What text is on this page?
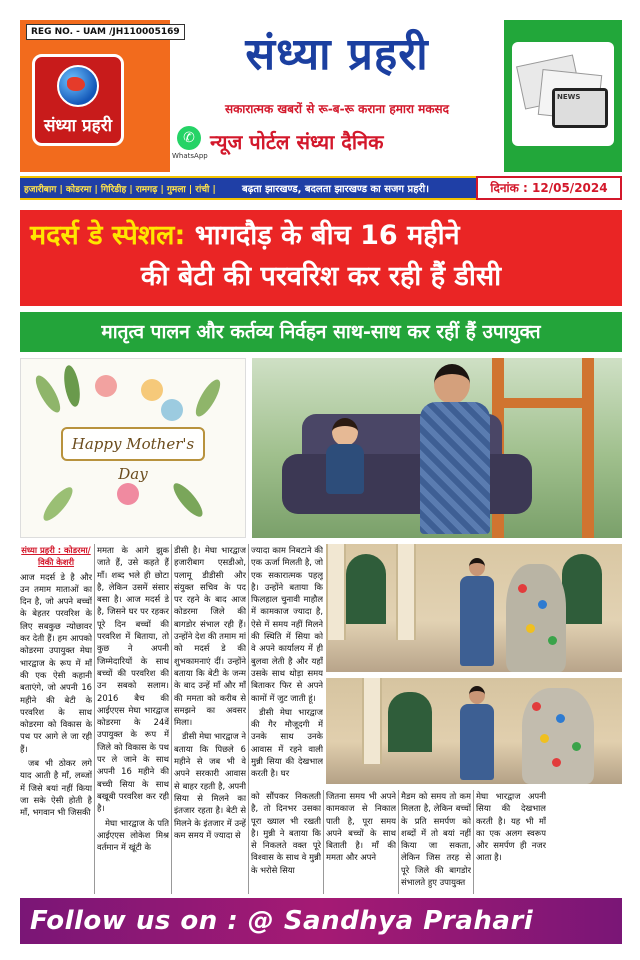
REG NO. - UAM /JH110005169
संध्या प्रहरी
संध्या प्रहरी
सकारात्मक खबरों से रू-ब-रू कराना हमारा मकसद
✆
WhatsApp
न्यूज पोर्टल संध्या दैनिक
NEWS
हजारीबाग | कोडरमा | गिरिडीह | रामगढ़ | गुमला | रांची |	बढ़ता झारखण्ड, बदलता झारखण्ड का सजग प्रहरी।	दिनांक : 12/05/2024
मदर्स डे स्पेशल: भागदौड़ के बीच 16 महीने
की बेटी की परवरिश कर रही हैं डीसी
मातृत्व पालन और कर्तव्य निर्वहन साथ-साथ कर रहीं हैं उपायुक्त
Happy Mother's Day
संध्या प्रहरी : कोडरमा/विकी केशरी

आज मदर्स डे है और उन तमाम माताओं का दिन है, जो अपने बच्चों के बेहतर परवरिश के लिए सबकुछ न्योछावर कर देती हैं। हम आपको कोडरमा उपायुक्त मेघा भारद्वाज के रूप में माँ की एक ऐसी कहानी बताएंगे, जो अपनी 16 महीने की बेटी के परवरिश के साथ कोडरमा को विकास के पथ पर आगे ले जा रही हैं।

जब भी ठोकर लगे याद आती है माँ, लब्जों में जिसे बयां नहीं किया जा सके ऐसी होती है माँ, भगवान भी जिसकी

ममता के आगे झुक जाते हैं, उसे कहते हैं माँ। शब्द भले ही छोटा है, लेकिन उसमें संसार बसा है। आज मदर्स डे है, जिसने घर पर रहकर पूरे दिन बच्चों की परवरिश में बिताया, तो कुछ ने अपनी जिम्मेदारियों के साथ बच्चों की परवरिश की उन सबको सलाम। 2016 बैच की आईएएस मेघा भारद्वाज कोडरमा के 24वें उपायुक्त के रूप में जिले को विकास के पथ पर ले जाने के साथ अपनी 16 महीने की बच्ची सिया के साथ बखूबी परवरिश कर रही है।

मेघा भारद्वाज के पति आईएएस लोकेश मिश्र वर्तमान में खूंटी के

डीसी है। मेघा भारद्वाज हजारीबाग एसडीओ, पलामू डीडीसी और संयुक्त सचिव के पद पर रहने के बाद आज कोडरमा जिले की बागडोर संभाल रही हैं। उन्होंने देश की तमाम मां को मदर्स डे की शुभकामनाएं दीं। उन्होंने बताया कि बेटी के जन्म के बाद उन्हें माँ और माँ की ममता को करीब से समझने का अवसर मिला।

डीसी मेघा भारद्वाज ने बताया कि पिछले 6 महीने से जब भी वे अपने सरकारी आवास से बाहर रहती है, अपनी सिया से मिलने का इंतजार रहता है। बेटी से मिलने के इंतजार में उन्हें कम समय में ज्यादा से

ज्यादा काम निबटाने की एक ऊर्जा मिलती है, जो एक सकारात्मक पहलू है। उन्होंने बताया कि फिलहाल चुनावी माहौल में कामकाज ज्यादा है, ऐसे में समय नहीं मिलने की स्थिति में सिया को वे अपने कार्यालय में ही बुलवा लेती है और यहाँ उसके साथ थोड़ा समय बिताकर फिर से अपने कामों में जुट जाती हूं।

डीसी मेघा भारद्वाज की गैर मौजूदगी में उनके साथ उनके आवास में रहने वाली मुन्नी सिया की देखभाल करती है। घर

को सौंपकर निकलती है, तो दिनभर उसका पूरा ख्याल भी रखती है। मुन्नी ने बताया कि से निकलते वक्त पूरे विश्वास के साथ वे मुन्नी के भरोसे सिया
जितना समय भी अपने कामकाज से निकाल पाती है, पूरा समय अपने बच्चों के साथ बिताती है। माँ की ममता और अपने
मैडम को समय तो कम मिलता है, लेकिन बच्चों के प्रति समर्पण को शब्दों में तो बयां नहीं किया जा सकता, लेकिन जिस तरह से पूरे जिले की बागडोर संभालते हुए उपायुक्त
मेघा भारद्वाज अपनी सिया की देखभाल करती है। यह भी माँ का एक अलग स्वरूप और समर्पण ही नजर आता है।
Follow us on : @ Sandhya Prahari
